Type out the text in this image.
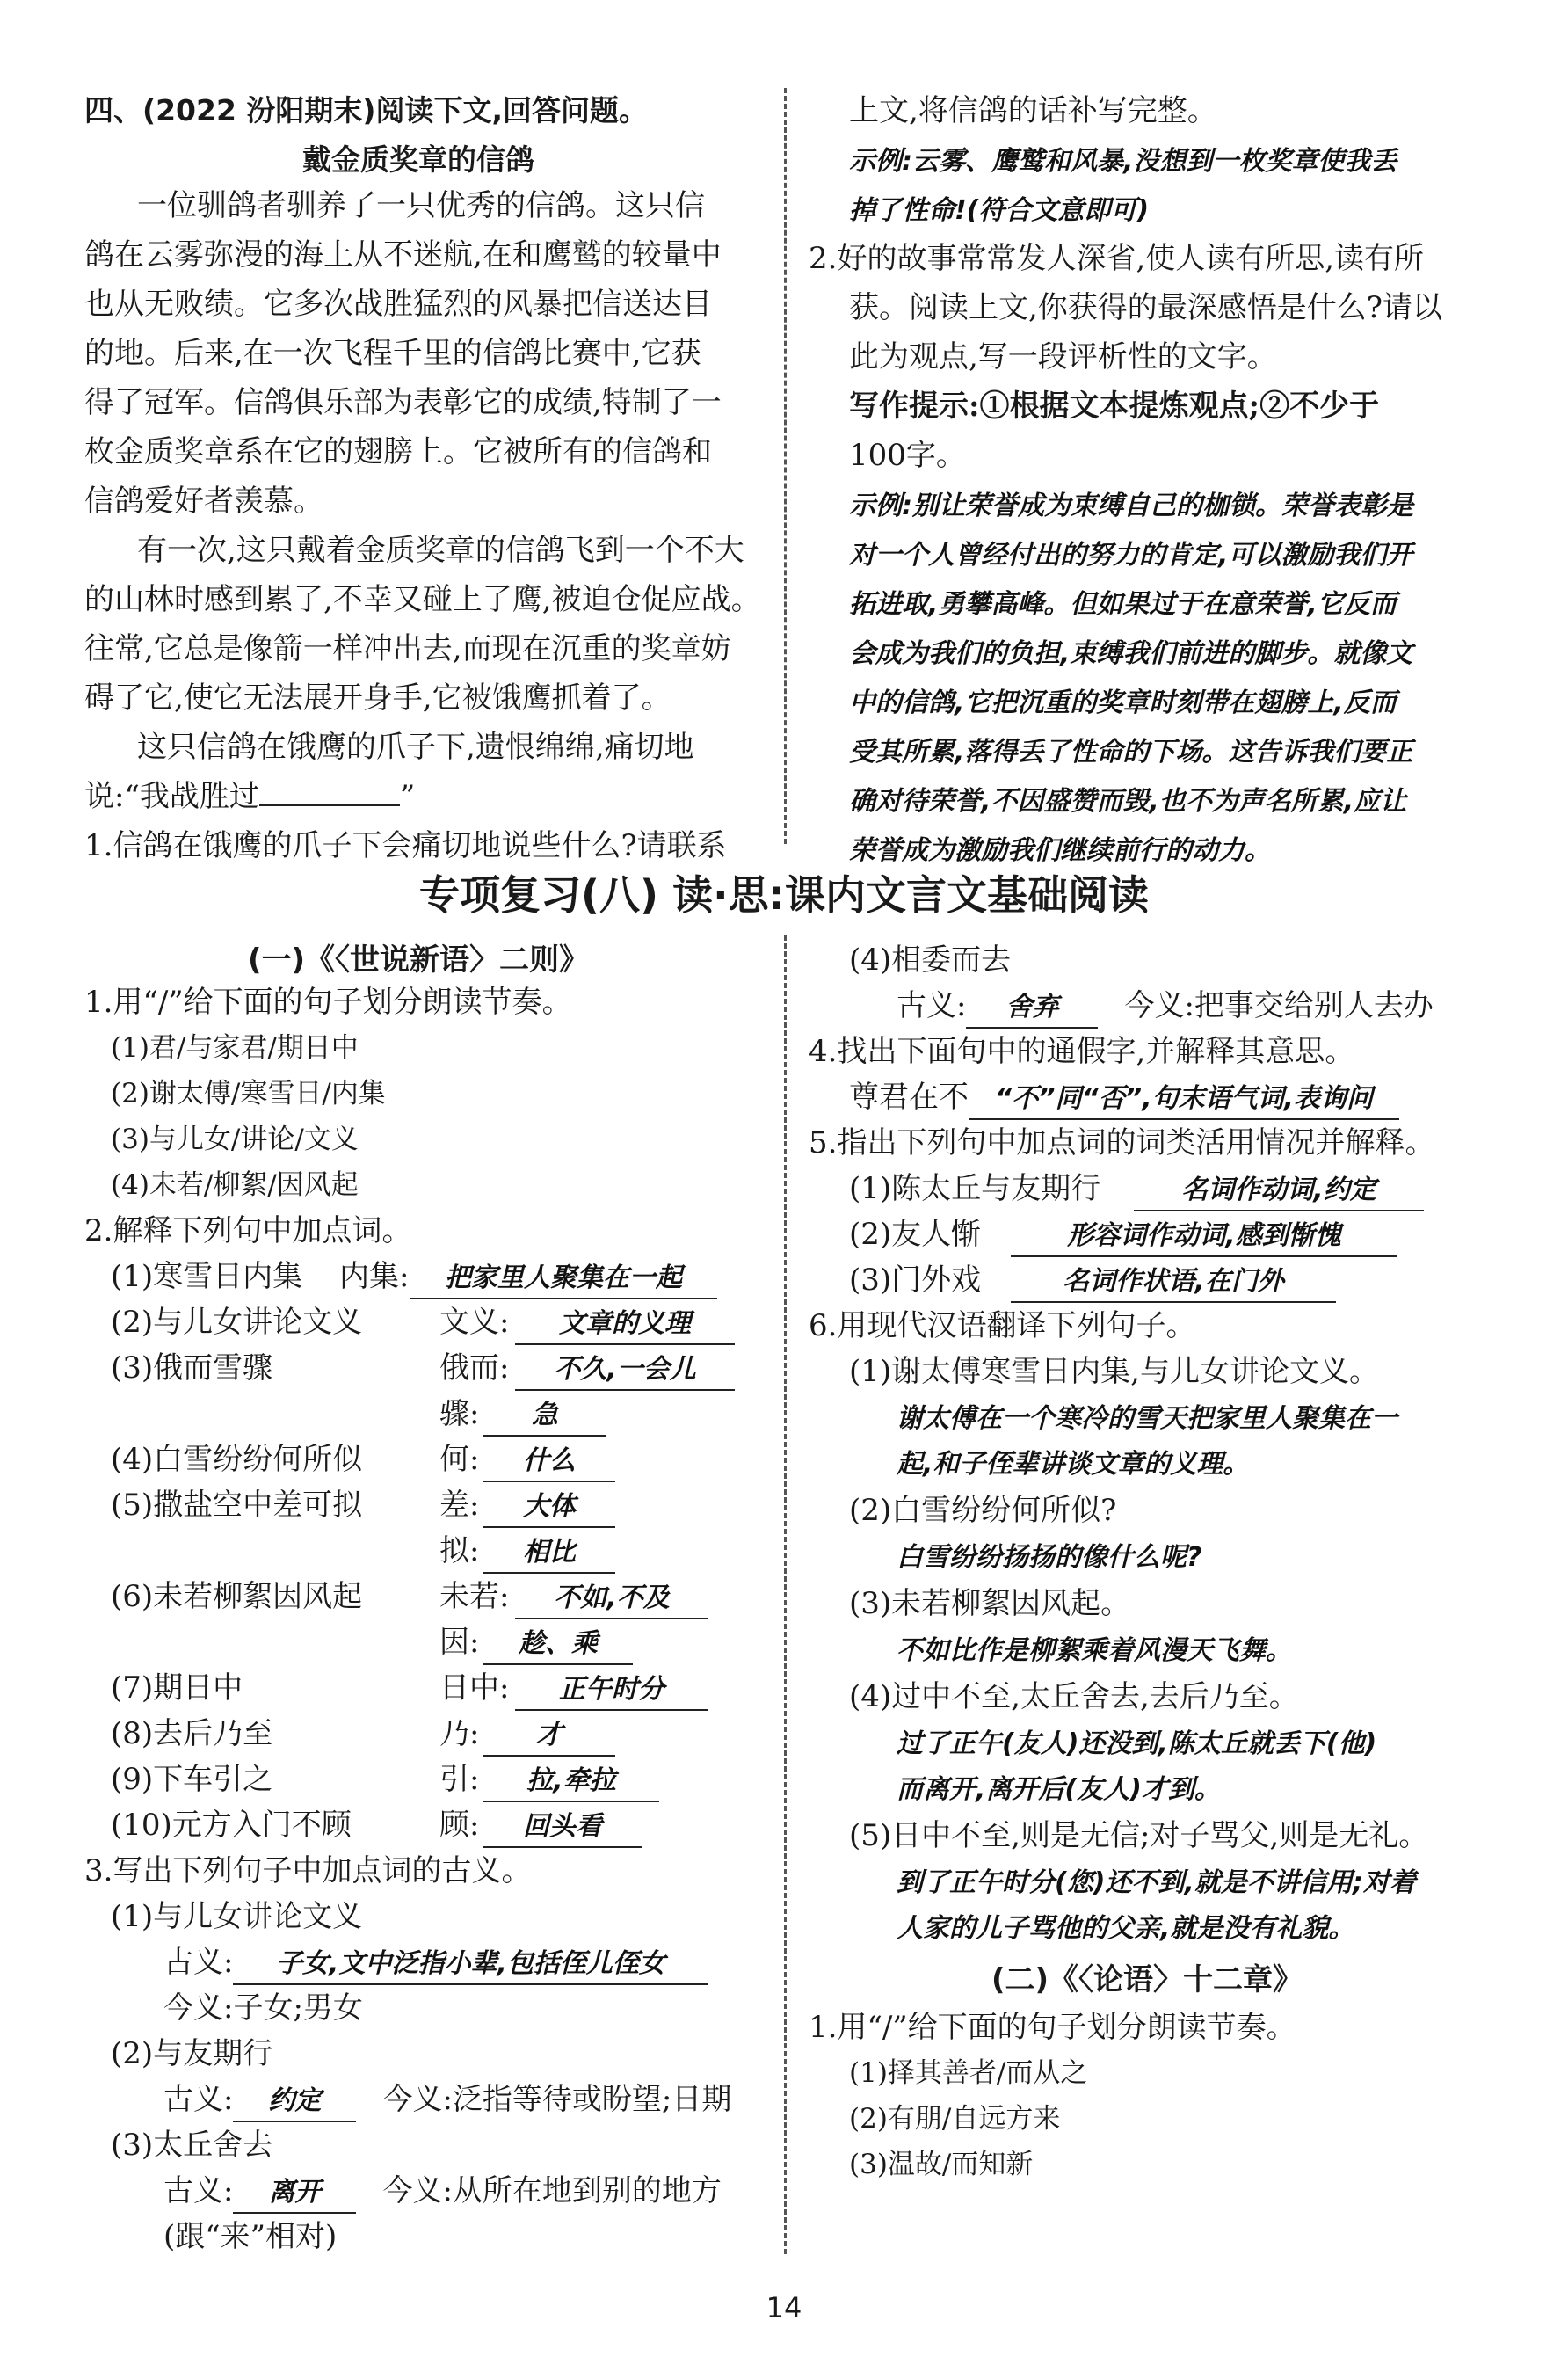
四、(2022 汾阳期末)阅读下文,回答问题。
戴金质奖章的信鸽
一位驯鸽者驯养了一只优秀的信鸽。这只信
鸽在云雾弥漫的海上从不迷航,在和鹰鹫的较量中
也从无败绩。它多次战胜猛烈的风暴把信送达目
的地。后来,在一次飞程千里的信鸽比赛中,它获
得了冠军。信鸽俱乐部为表彰它的成绩,特制了一
枚金质奖章系在它的翅膀上。它被所有的信鸽和
信鸽爱好者羡慕。
有一次,这只戴着金质奖章的信鸽飞到一个不大
的山林时感到累了,不幸又碰上了鹰,被迫仓促应战。
往常,它总是像箭一样冲出去,而现在沉重的奖章妨
碍了它,使它无法展开身手,它被饿鹰抓着了。
这只信鸽在饿鹰的爪子下,遗恨绵绵,痛切地
说:“我战胜过	”
1.信鸽在饿鹰的爪子下会痛切地说些什么?请联系
上文,将信鸽的话补写完整。
示例:云雾、鹰鹫和风暴,没想到一枚奖章使我丢
掉了性命!(符合文意即可)
2.好的故事常常发人深省,使人读有所思,读有所
获。阅读上文,你获得的最深感悟是什么?请以
此为观点,写一段评析性的文字。
写作提示:①根据文本提炼观点;②不少于
100字。
示例:别让荣誉成为束缚自己的枷锁。荣誉表彰是
对一个人曾经付出的努力的肯定,可以激励我们开
拓进取,勇攀高峰。但如果过于在意荣誉,它反而
会成为我们的负担,束缚我们前进的脚步。就像文
中的信鸽,它把沉重的奖章时刻带在翅膀上,反而
受其所累,落得丢了性命的下场。这告诉我们要正
确对待荣誉,不因盛赞而毁,也不为声名所累,应让
荣誉成为激励我们继续前行的动力。
专项复习(八) 读·思:课内文言文基础阅读
(一)《〈世说新语〉二则》
1.用“/”给下面的句子划分朗读节奏。
(1)君/与家君/期日中
(2)谢太傅/寒雪日/内集
(3)与儿女/讲论/文义
(4)未若/柳絮/因风起
2.解释下列句中加点词。
(1)寒雪日内集 内集:	把家里人聚集在一起
(2)与儿女讲论文义	文义:	文章的义理
(3)俄而雪骤	俄而:	不久,一会儿
骤:	急
(4)白雪纷纷何所似	何:	什么
(5)撒盐空中差可拟	差:	大体
拟:	相比
(6)未若柳絮因风起	未若:	不如,不及
因:	趁、乘
(7)期日中	日中:	正午时分
(8)去后乃至	乃:	才
(9)下车引之	引:	拉,牵拉
(10)元方入门不顾	顾:	回头看
3.写出下列句子中加点词的古义。
(1)与儿女讲论文义
古义: 子女,文中泛指小辈,包括侄儿侄女
今义:子女;男女
(2)与友期行
古义: 约定 今义:泛指等待或盼望;日期
(3)太丘舍去
古义: 离开 今义:从所在地到别的地方
(跟“来”相对)
(4)相委而去
古义: 舍弃 今义:把事交给别人去办
4.找出下面句中的通假字,并解释其意思。
尊君在不 “不”同“否”,句末语气词,表询问
5.指出下列句中加点词的词类活用情况并解释。
(1)陈太丘与友期行	名词作动词,约定
(2)友人惭	形容词作动词,感到惭愧
(3)门外戏	名词作状语,在门外
6.用现代汉语翻译下列句子。
(1)谢太傅寒雪日内集,与儿女讲论文义。
谢太傅在一个寒冷的雪天把家里人聚集在一
起,和子侄辈讲谈文章的义理。
(2)白雪纷纷何所似?
白雪纷纷扬扬的像什么呢?
(3)未若柳絮因风起。
不如比作是柳絮乘着风漫天飞舞。
(4)过中不至,太丘舍去,去后乃至。
过了正午(友人)还没到,陈太丘就丢下(他)
而离开,离开后(友人)才到。
(5)日中不至,则是无信;对子骂父,则是无礼。
到了正午时分(您)还不到,就是不讲信用;对着
人家的儿子骂他的父亲,就是没有礼貌。
(二)《〈论语〉十二章》
1.用“/”给下面的句子划分朗读节奏。
(1)择其善者/而从之
(2)有朋/自远方来
(3)温故/而知新
14
